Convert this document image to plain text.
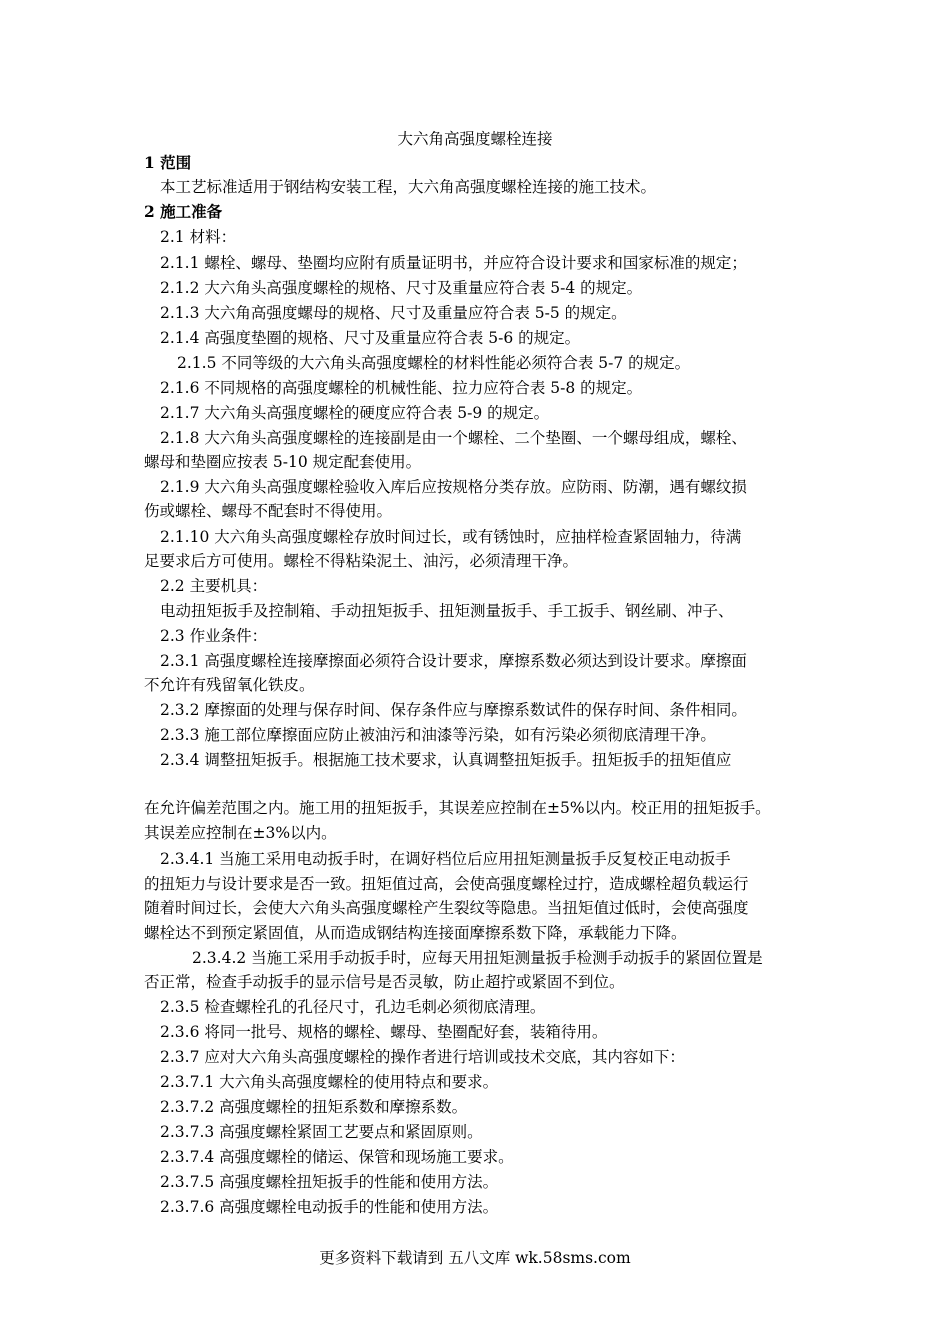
大六角高强度螺栓连接
1 范围
本工艺标准适用于钢结构安装工程，大六角高强度螺栓连接的施工技术。
2 施工准备
2.1 材料：
2.1.1 螺栓、螺母、垫圈均应附有质量证明书，并应符合设计要求和国家标准的规定；
2.1.2 大六角头高强度螺栓的规格、尺寸及重量应符合表 5-4 的规定。
2.1.3 大六角高强度螺母的规格、尺寸及重量应符合表 5-5 的规定。
2.1.4 高强度垫圈的规格、尺寸及重量应符合表 5-6 的规定。
2.1.5 不同等级的大六角头高强度螺栓的材料性能必须符合表 5-7 的规定。
2.1.6 不同规格的高强度螺栓的机械性能、拉力应符合表 5-8 的规定。
2.1.7 大六角头高强度螺栓的硬度应符合表 5-9 的规定。
2.1.8 大六角头高强度螺栓的连接副是由一个螺栓、二个垫圈、一个螺母组成，螺栓、
螺母和垫圈应按表 5-10 规定配套使用。
2.1.9 大六角头高强度螺栓验收入库后应按规格分类存放。应防雨、防潮，遇有螺纹损
伤或螺栓、螺母不配套时不得使用。
2.1.10 大六角头高强度螺栓存放时间过长，或有锈蚀时，应抽样检查紧固轴力，待满
足要求后方可使用。螺栓不得粘染泥土、油污，必须清理干净。
2.2 主要机具：
电动扭矩扳手及控制箱、手动扭矩扳手、扭矩测量扳手、手工扳手、钢丝刷、冲子、
2.3 作业条件：
2.3.1 高强度螺栓连接摩擦面必须符合设计要求，摩擦系数必须达到设计要求。摩擦面
不允许有残留氧化铁皮。
2.3.2 摩擦面的处理与保存时间、保存条件应与摩擦系数试件的保存时间、条件相同。
2.3.3 施工部位摩擦面应防止被油污和油漆等污染，如有污染必须彻底清理干净。
2.3.4 调整扭矩扳手。根据施工技术要求，认真调整扭矩扳手。扭矩扳手的扭矩值应
在允许偏差范围之内。施工用的扭矩扳手，其误差应控制在±5%以内。校正用的扭矩扳手。
其误差应控制在±3%以内。
2.3.4.1 当施工采用电动扳手时，在调好档位后应用扭矩测量扳手反复校正电动扳手
的扭矩力与设计要求是否一致。扭矩值过高，会使高强度螺栓过拧，造成螺栓超负载运行
随着时间过长，会使大六角头高强度螺栓产生裂纹等隐患。当扭矩值过低时，会使高强度
螺栓达不到预定紧固值，从而造成钢结构连接面摩擦系数下降，承载能力下降。
2.3.4.2 当施工采用手动扳手时，应每天用扭矩测量扳手检测手动扳手的紧固位置是
否正常，检查手动扳手的显示信号是否灵敏，防止超拧或紧固不到位。
2.3.5 检查螺栓孔的孔径尺寸，孔边毛刺必须彻底清理。
2.3.6 将同一批号、规格的螺栓、螺母、垫圈配好套，装箱待用。
2.3.7 应对大六角头高强度螺栓的操作者进行培训或技术交底，其内容如下：
2.3.7.1 大六角头高强度螺栓的使用特点和要求。
2.3.7.2 高强度螺栓的扭矩系数和摩擦系数。
2.3.7.3 高强度螺栓紧固工艺要点和紧固原则。
2.3.7.4 高强度螺栓的储运、保管和现场施工要求。
2.3.7.5 高强度螺栓扭矩扳手的性能和使用方法。
2.3.7.6 高强度螺栓电动扳手的性能和使用方法。
更多资料下载请到 五八文库 wk.58sms.com
